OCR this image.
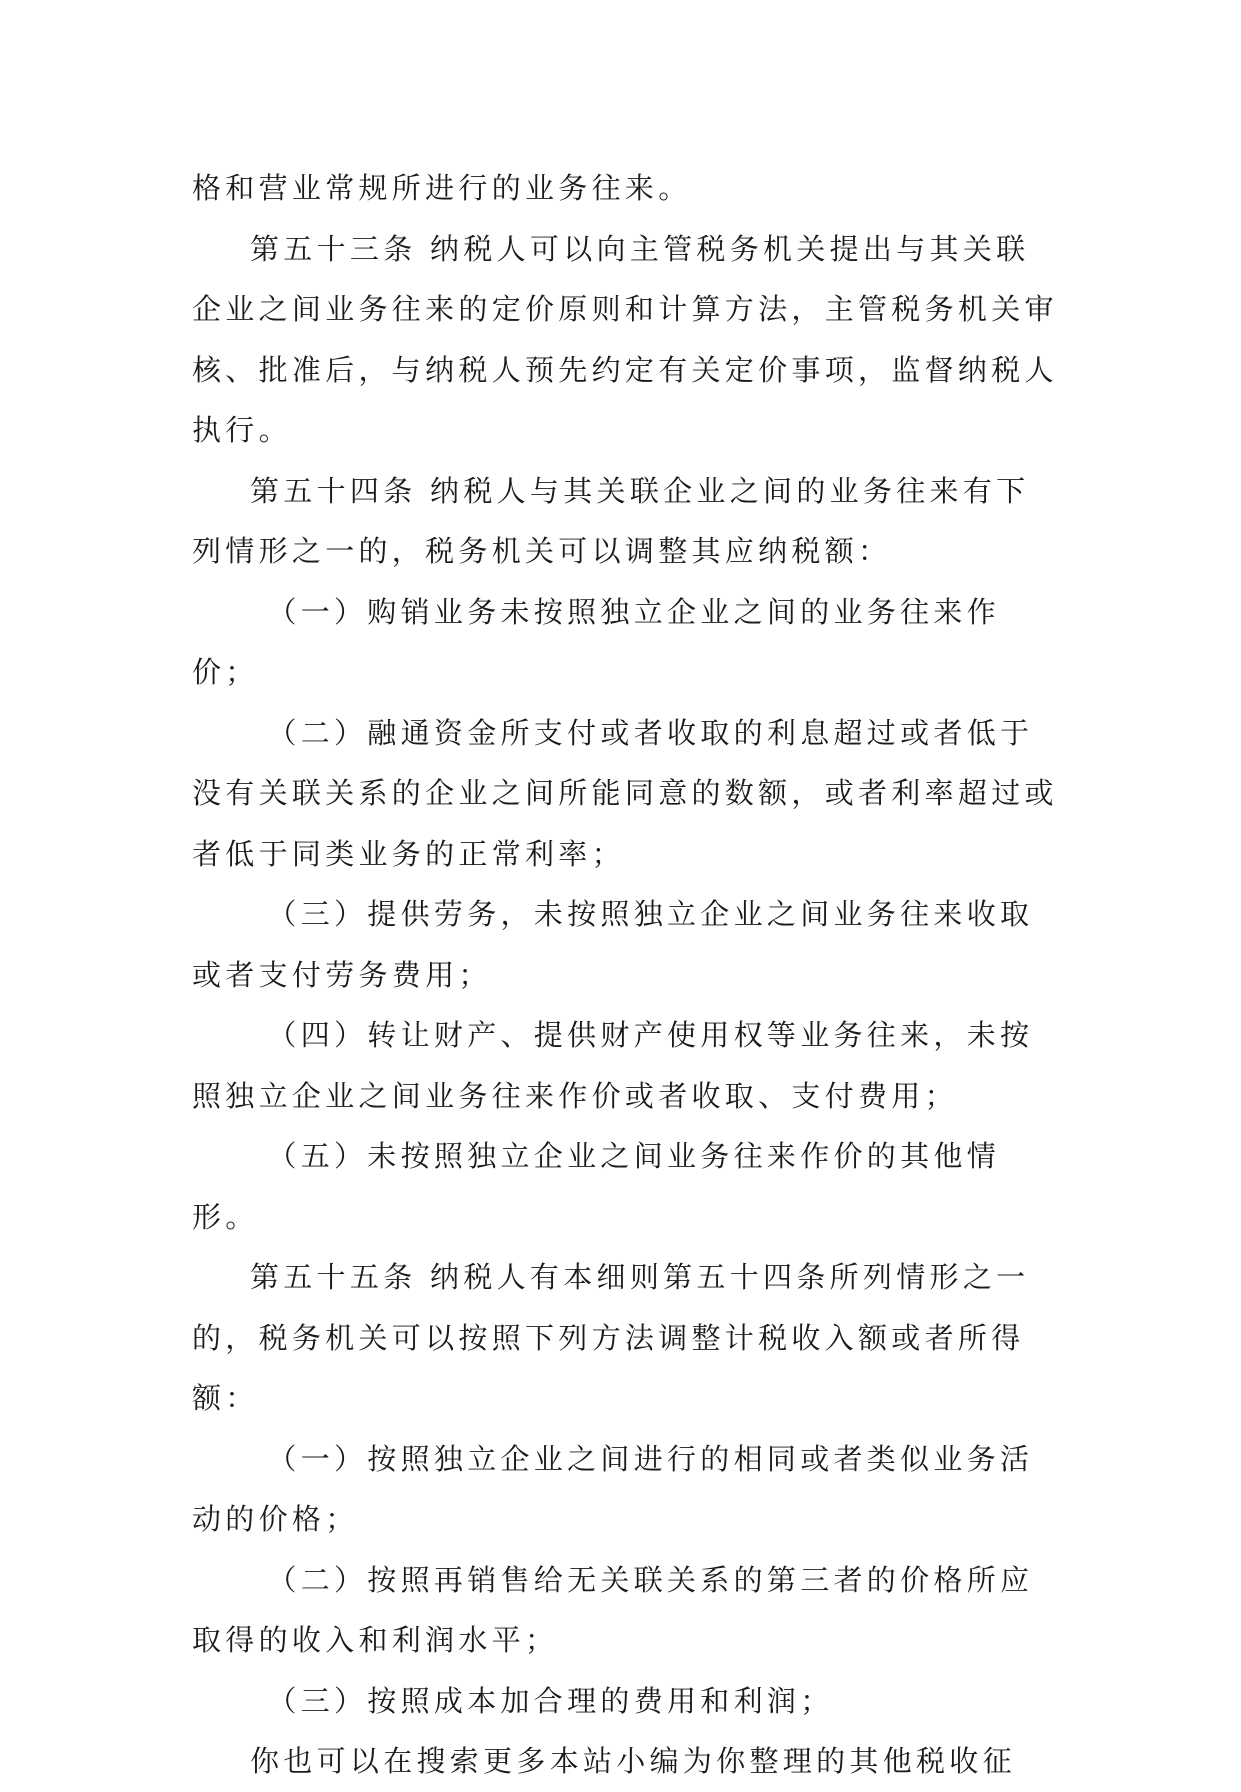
格和营业常规所进行的业务往来。

第五十三条 纳税人可以向主管税务机关提出与其关联企业之间业务往来的定价原则和计算方法，主管税务机关审核、批准后，与纳税人预先约定有关定价事项，监督纳税人执行。

第五十四条 纳税人与其关联企业之间的业务往来有下列情形之一的，税务机关可以调整其应纳税额：

（一）购销业务未按照独立企业之间的业务往来作价；

（二）融通资金所支付或者收取的利息超过或者低于没有关联关系的企业之间所能同意的数额，或者利率超过或者低于同类业务的正常利率；

（三）提供劳务，未按照独立企业之间业务往来收取或者支付劳务费用；

（四）转让财产、提供财产使用权等业务往来，未按照独立企业之间业务往来作价或者收取、支付费用；

（五）未按照独立企业之间业务往来作价的其他情形。

第五十五条 纳税人有本细则第五十四条所列情形之一的，税务机关可以按照下列方法调整计税收入额或者所得额：

（一）按照独立企业之间进行的相同或者类似业务活动的价格；

（二）按照再销售给无关联关系的第三者的价格所应取得的收入和利润水平；

（三）按照成本加合理的费用和利润；

你也可以在搜索更多本站小编为你整理的其他税收征
